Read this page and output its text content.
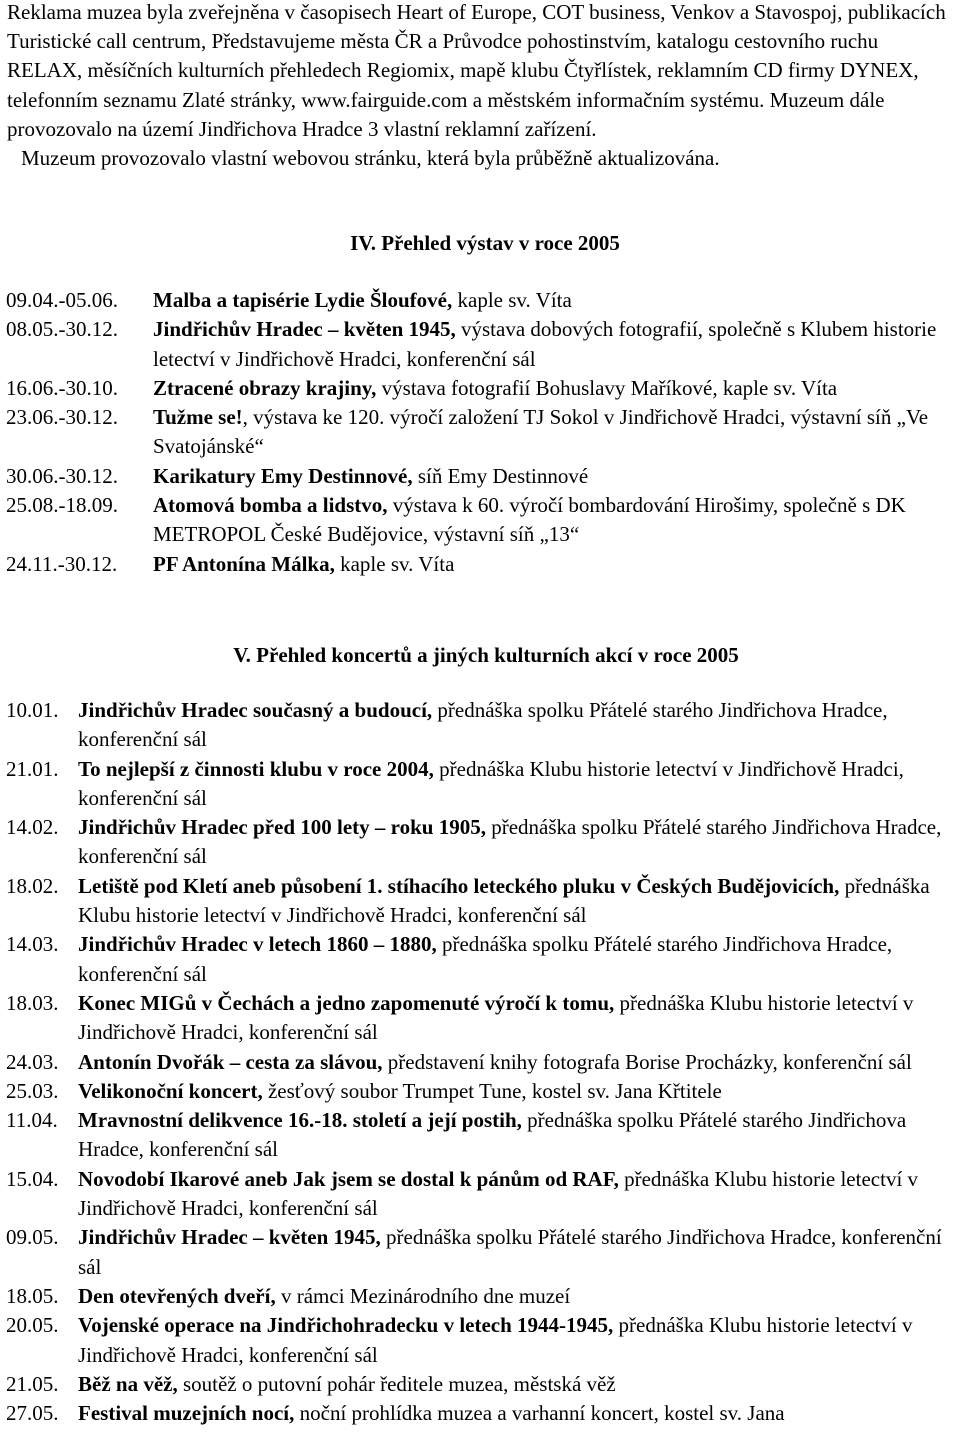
Reklama muzea byla zveřejněna v časopisech Heart of Europe, COT business, Venkov a Stavospoj, publikacích Turistické call centrum, Představujeme města ČR a Průvodce pohostinstvím, katalogu cestovního ruchu RELAX, měsíčních kulturních přehledech Regiomix, mapě klubu Čtyřlístek, reklamním CD firmy DYNEX, telefonním seznamu Zlaté stránky, www.fairguide.com a městském informačním systému. Muzeum dále provozovalo na území Jindřichova Hradce 3 vlastní reklamní zařízení.

Muzeum provozovalo vlastní webovou stránku, která byla průběžně aktualizována.

IV. Přehled výstav v roce 2005
09.04.-05.06.	Malba a tapisérie Lydie Šloufové, kaple sv. Víta
08.05.-30.12.	Jindřichův Hradec – květen 1945, výstava dobových fotografií, společně s Klubem historie letectví v Jindřichově Hradci, konferenční sál
16.06.-30.10.	Ztracené obrazy krajiny, výstava fotografií Bohuslavy Maříkové, kaple sv. Víta
23.06.-30.12.	Tužme se!, výstava ke 120. výročí založení TJ Sokol v Jindřichově Hradci, výstavní síň „Ve Svatojánské“
30.06.-30.12.	Karikatury Emy Destinnové, síň Emy Destinnové
25.08.-18.09.	Atomová bomba a lidstvo, výstava k 60. výročí bombardování Hirošimy, společně s DK METROPOL České Budějovice, výstavní síň „13“
24.11.-30.12.	PF Antonína Málka, kaple sv. Víta
V. Přehled koncertů a jiných kulturních akcí v roce 2005
10.01. Jindřichův Hradec současný a budoucí, přednáška spolku Přátelé starého Jindřichova Hradce, konferenční sál
21.01. To nejlepší z činnosti klubu v roce 2004, přednáška Klubu historie letectví v Jindřichově Hradci, konferenční sál
14.02. Jindřichův Hradec před 100 lety – roku 1905, přednáška spolku Přátelé starého Jindřichova Hradce, konferenční sál
18.02. Letiště pod Kletí aneb působení 1. stíhacího leteckého pluku v Českých Budějovicích, přednáška Klubu historie letectví v Jindřichově Hradci, konferenční sál
14.03. Jindřichův Hradec v letech 1860 – 1880, přednáška spolku Přátelé starého Jindřichova Hradce, konferenční sál
18.03. Konec MIGů v Čechách a jedno zapomenuté výročí k tomu, přednáška Klubu historie letectví v Jindřichově Hradci, konferenční sál
24.03. Antonín Dvořák – cesta za slávou, představení knihy fotografa Borise Procházky, konferenční sál
25.03. Velikonoční koncert, žesťový soubor Trumpet Tune, kostel sv. Jana Křtitele
11.04. Mravnostní delikvence 16.-18. století a její postih, přednáška spolku Přátelé starého Jindřichova Hradce, konferenční sál
15.04. Novodobí Ikarové aneb Jak jsem se dostal k pánům od RAF, přednáška Klubu historie letectví v Jindřichově Hradci, konferenční sál
09.05. Jindřichův Hradec – květen 1945, přednáška spolku Přátelé starého Jindřichova Hradce, konferenční sál
18.05. Den otevřených dveří, v rámci Mezinárodního dne muzeí
20.05. Vojenské operace na Jindřichohradecku v letech 1944-1945, přednáška Klubu historie letectví v Jindřichově Hradci, konferenční sál
21.05. Běž na věž, soutěž o putovní pohár ředitele muzea, městská věž
27.05. Festival muzejních nocí, noční prohlídka muzea a varhanní koncert, kostel sv. Jana
